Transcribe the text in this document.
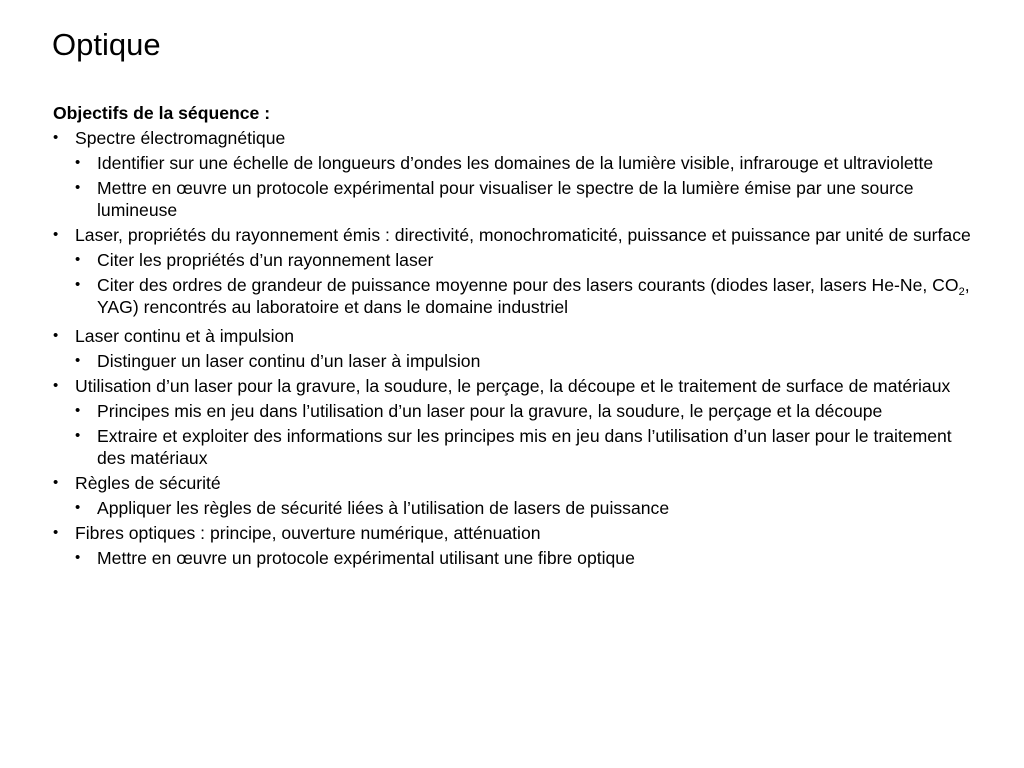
Optique
Objectifs de la séquence :
• Spectre électromagnétique
• Identifier sur une échelle de longueurs d’ondes les domaines de la lumière visible, infrarouge et ultraviolette
• Mettre en œuvre un protocole expérimental pour visualiser le spectre de la lumière émise par une source lumineuse
• Laser, propriétés du rayonnement émis : directivité, monochromaticité, puissance et puissance par unité de surface
• Citer les propriétés d’un rayonnement laser
• Citer des ordres de grandeur de puissance moyenne pour des lasers courants (diodes laser, lasers He-Ne, $CO_2$, YAG) rencontrés au laboratoire et dans le domaine industriel
• Laser continu et à impulsion
• Distinguer un laser continu d’un laser à impulsion
• Utilisation d’un laser pour la gravure, la soudure, le perçage, la découpe et le traitement de surface de matériaux
• Principes mis en jeu dans l’utilisation d’un laser pour la gravure, la soudure, le perçage et la découpe
• Extraire et exploiter des informations sur les principes mis en jeu dans l’utilisation d’un laser pour le traitement des matériaux
• Règles de sécurité
• Appliquer les règles de sécurité liées à l’utilisation de lasers de puissance
• Fibres optiques : principe, ouverture numérique, atténuation
• Mettre en œuvre un protocole expérimental utilisant une fibre optique
